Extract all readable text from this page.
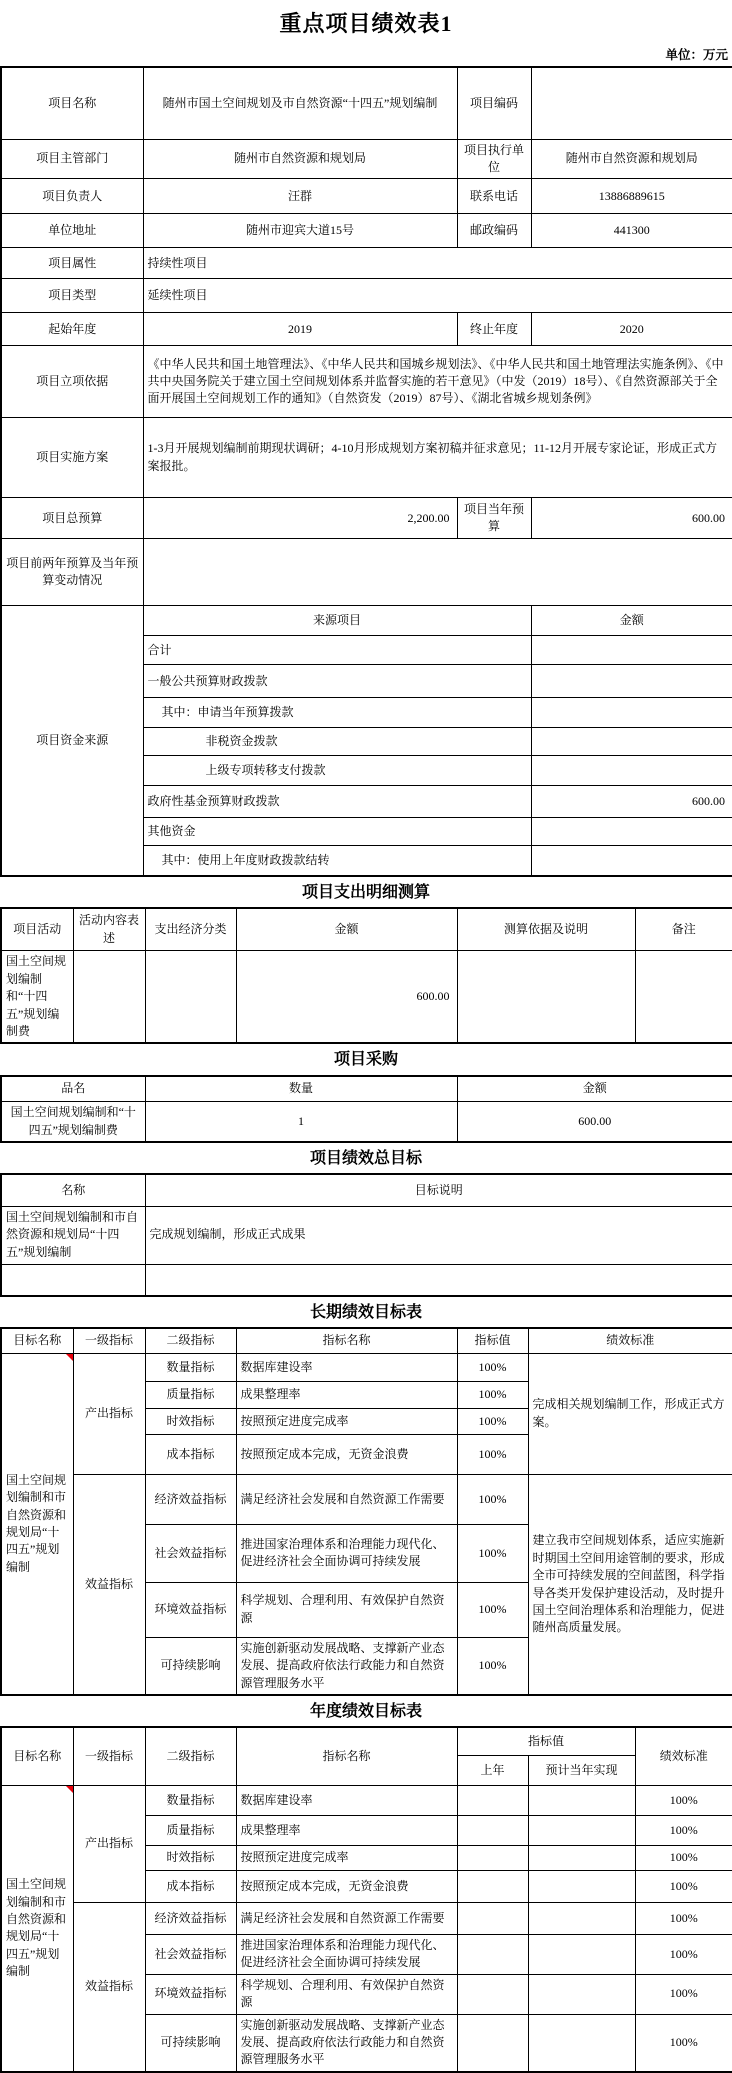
重点项目绩效表1
单位：万元
项目名称	随州市国土空间规划及市自然资源“十四五”规划编制	项目编码	
项目主管部门	随州市自然资源和规划局	项目执行单位	随州市自然资源和规划局
项目负责人	汪群	联系电话	13886889615
单位地址	随州市迎宾大道15号	邮政编码	441300
项目属性	持续性项目		
项目类型	延续性项目		
起始年度	2019	终止年度	2020
项目立项依据	《中华人民共和国土地管理法》、《中华人民共和国城乡规划法》、《中华人民共和国土地管理法实施条例》、《中共中央国务院关于建立国土空间规划体系并监督实施的若干意见》（中发（2019）18号）、《自然资源部关于全面开展国土空间规划工作的通知》（自然资发（2019）87号）、《湖北省城乡规划条例》		
项目实施方案	1-3月开展规划编制前期现状调研；4-10月形成规划方案初稿并征求意见；11-12月开展专家论证，形成正式方案报批。		
项目总预算	2,200.00	项目当年预算	600.00
项目前两年预算及当年预算变动情况			
项目资金来源	来源项目		金额
	合计		
	一般公共预算财政拨款		
	其中：申请当年预算拨款		
	非税资金拨款		
	上级专项转移支付拨款		
	政府性基金预算财政拨款		600.00
	其他资金		
	其中：使用上年度财政拨款结转		
项目支出明细测算
项目活动	活动内容表述	支出经济分类	金额	测算依据及说明	备注
国土空间规划编制和“十四五”规划编制费			600.00		
项目采购
品名	数量	金额
国土空间规划编制和“十四五”规划编制费	1	600.00
项目绩效总目标
名称	目标说明
国土空间规划编制和市自然资源和规划局“十四五”规划编制	完成规划编制，形成正式成果

长期绩效目标表
目标名称	一级指标	二级指标	指标名称	指标值	绩效标准

国土空间规划编制和市自然资源和规划局“十四五”规划编制	产出指标	数量指标	数据库建设率	100%	完成相关规划编制工作，形成正式方案。
		质量指标	成果整理率	100%	
		时效指标	按照预定进度完成率	100%	
		成本指标	按照预定成本完成，无资金浪费	100%	
	效益指标	经济效益指标	满足经济社会发展和自然资源工作需要	100%	建立我市空间规划体系，适应实施新时期国土空间用途管制的要求，形成全市可持续发展的空间蓝图，科学指导各类开发保护建设活动，及时提升国土空间治理体系和治理能力，促进随州高质量发展。
		社会效益指标	推进国家治理体系和治理能力现代化、促进经济社会全面协调可持续发展	100%	
		环境效益指标	科学规划、合理利用、有效保护自然资源	100%	
		可持续影响	实施创新驱动发展战略、支撑新产业态发展、提高政府依法行政能力和自然资源管理服务水平	100%	
年度绩效目标表
目标名称	一级指标	二级指标	指标名称	指标值		绩效标准
				上年	预计当年实现	

国土空间规划编制和市自然资源和规划局“十四五”规划编制	产出指标	数量指标	数据库建设率			100%
		质量指标	成果整理率			100%
		时效指标	按照预定进度完成率			100%
		成本指标	按照预定成本完成，无资金浪费			100%
	效益指标	经济效益指标	满足经济社会发展和自然资源工作需要			100%
		社会效益指标	推进国家治理体系和治理能力现代化、促进经济社会全面协调可持续发展			100%
		环境效益指标	科学规划、合理利用、有效保护自然资源			100%
		可持续影响	实施创新驱动发展战略、支撑新产业态发展、提高政府依法行政能力和自然资源管理服务水平			100%
